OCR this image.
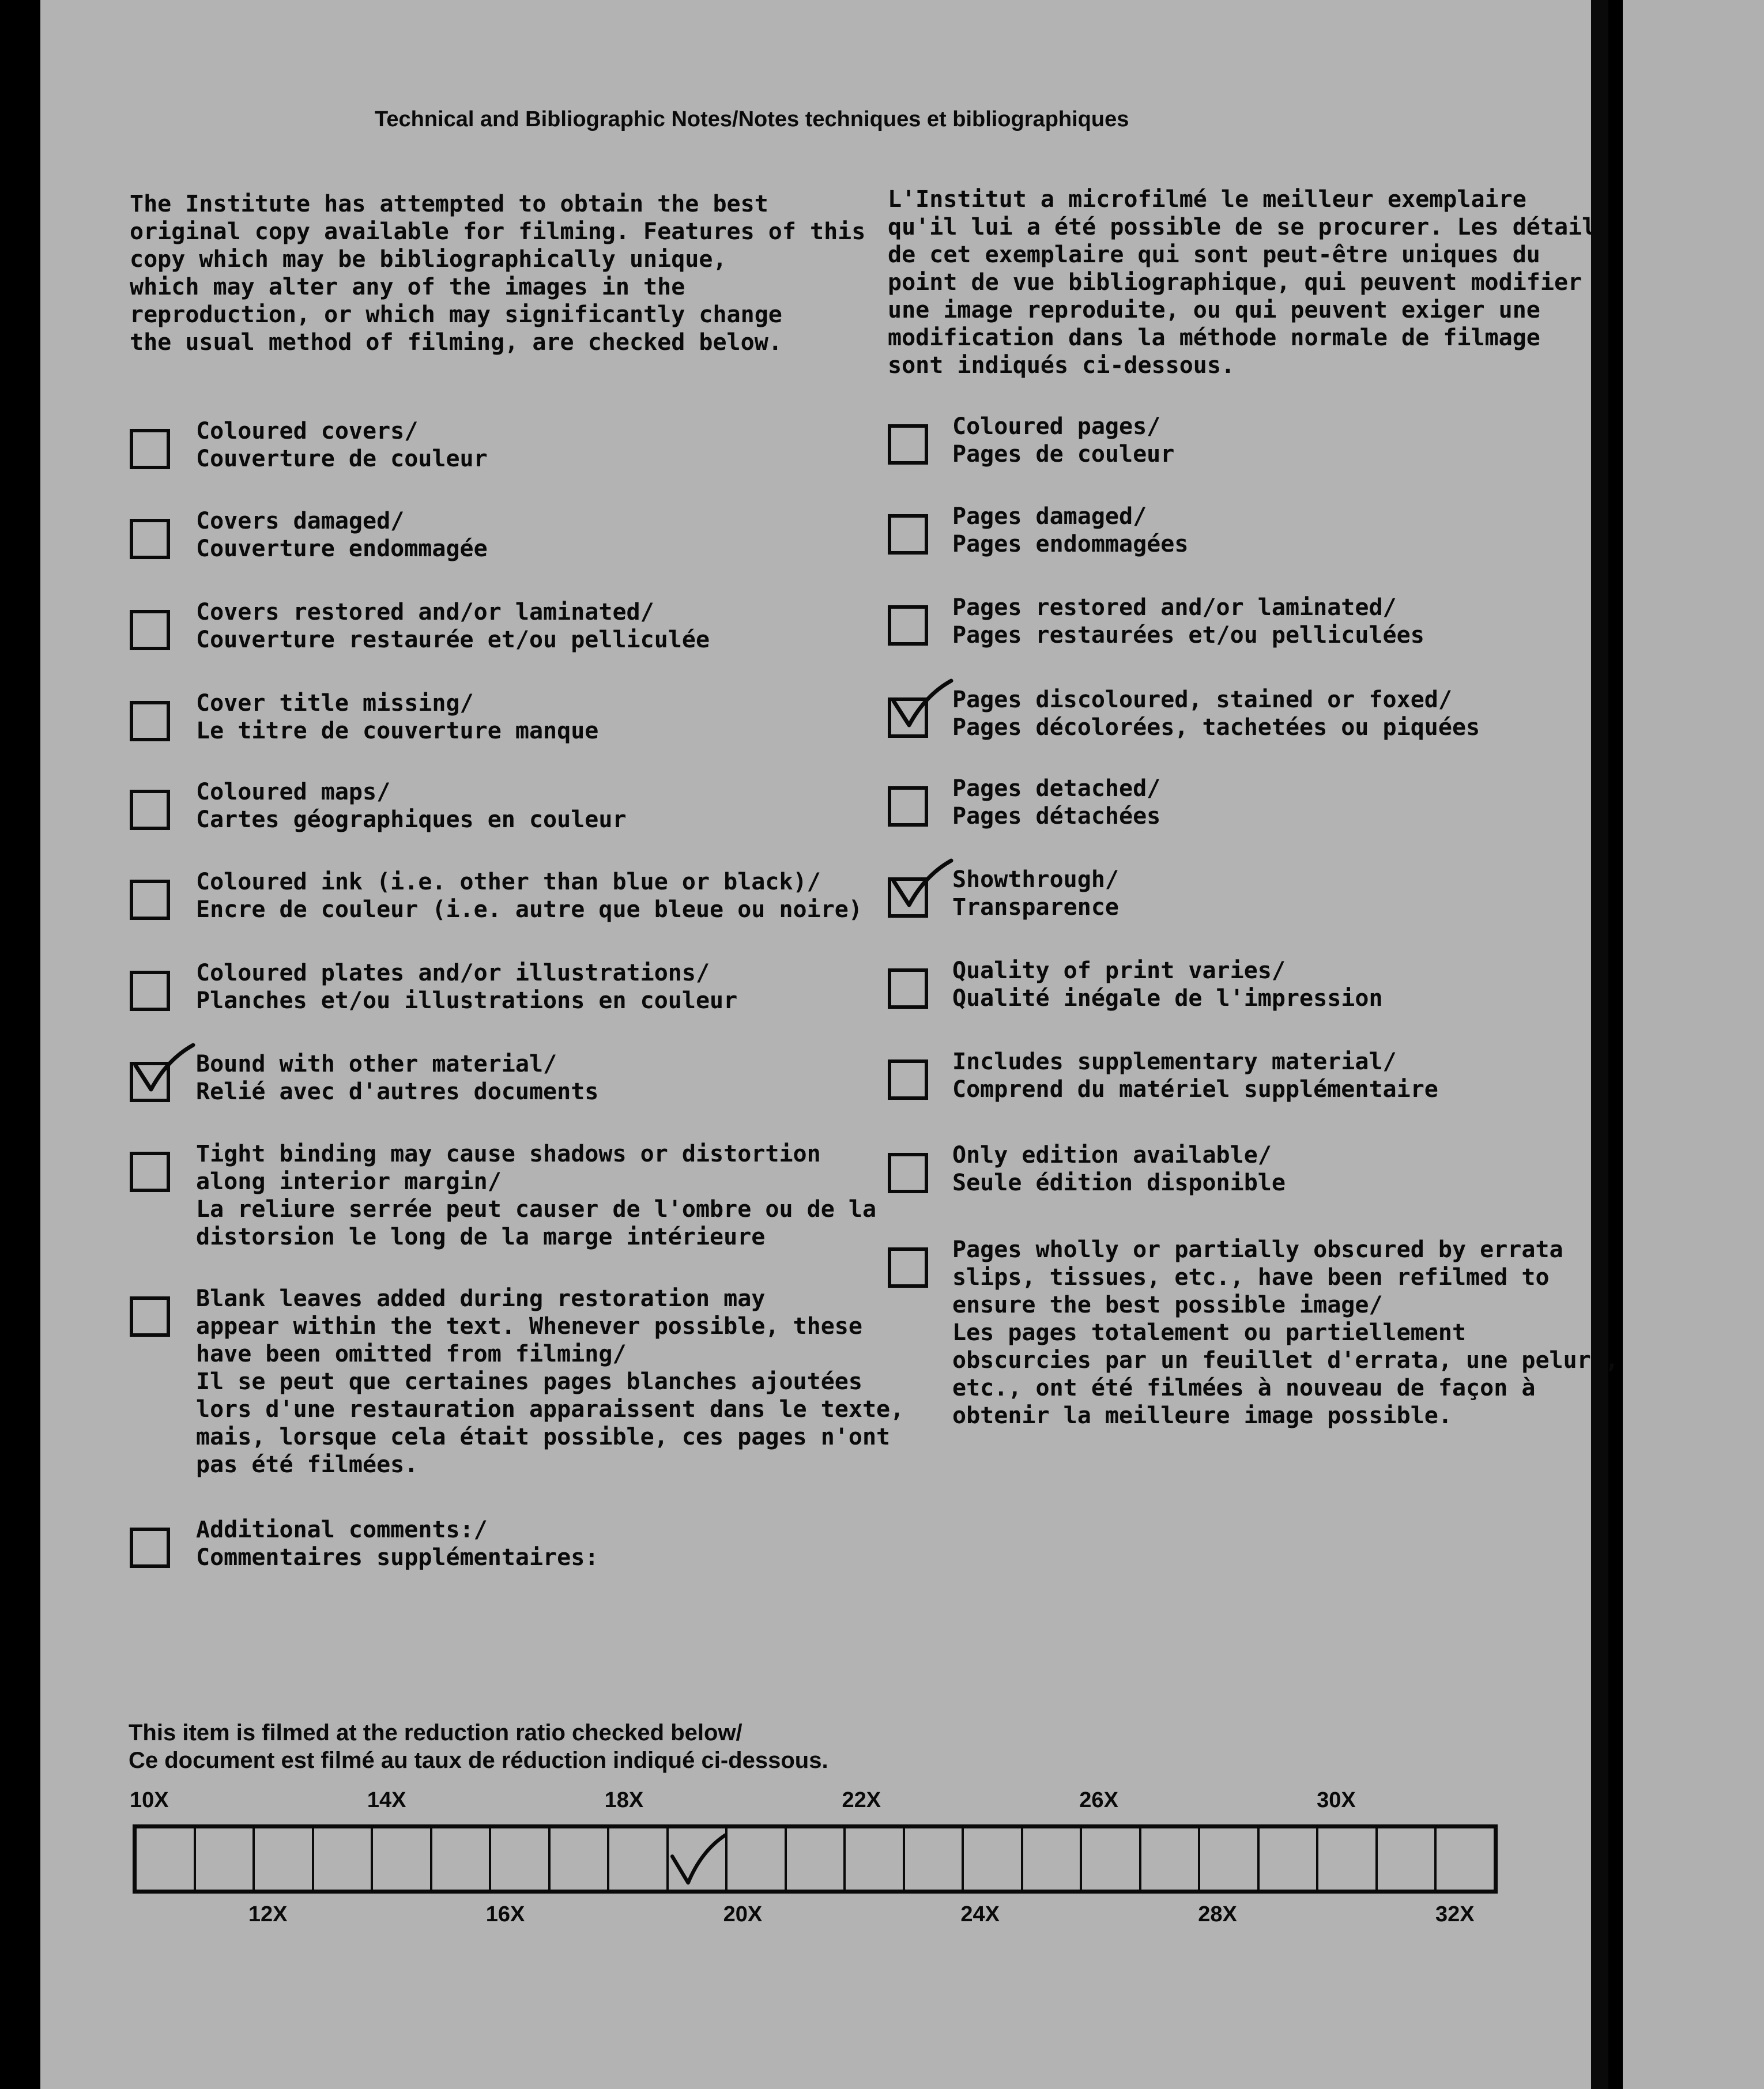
Technical and Bibliographic Notes/Notes techniques et bibliographiques
The Institute has attempted to obtain the best
original copy available for filming. Features of this
copy which may be bibliographically unique,
which may alter any of the images in the
reproduction, or which may significantly change
the usual method of filming, are checked below.
L'Institut a microfilmé le meilleur exemplaire
qu'il lui a été possible de se procurer. Les détails
de cet exemplaire qui sont peut-être uniques du
point de vue bibliographique, qui peuvent modifier
une image reproduite, ou qui peuvent exiger une
modification dans la méthode normale de filmage
sont indiqués ci-dessous.
Coloured covers/
Couverture de couleur
Covers damaged/
Couverture endommagée
Covers restored and/or laminated/
Couverture restaurée et/ou pelliculée
Cover title missing/
Le titre de couverture manque
Coloured maps/
Cartes géographiques en couleur
Coloured ink (i.e. other than blue or black)/
Encre de couleur (i.e. autre que bleue ou noire)
Coloured plates and/or illustrations/
Planches et/ou illustrations en couleur
Bound with other material/
Relié avec d'autres documents
Tight binding may cause shadows or distortion
along interior margin/
La reliure serrée peut causer de l'ombre ou de la
distorsion le long de la marge intérieure
Blank leaves added during restoration may
appear within the text. Whenever possible, these
have been omitted from filming/
Il se peut que certaines pages blanches ajoutées
lors d'une restauration apparaissent dans le texte,
mais, lorsque cela était possible, ces pages n'ont
pas été filmées.
Additional comments:/
Commentaires supplémentaires:
Coloured pages/
Pages de couleur
Pages damaged/
Pages endommagées
Pages restored and/or laminated/
Pages restaurées et/ou pelliculées
Pages discoloured, stained or foxed/
Pages décolorées, tachetées ou piquées
Pages detached/
Pages détachées
Showthrough/
Transparence
Quality of print varies/
Qualité inégale de l'impression
Includes supplementary material/
Comprend du matériel supplémentaire
Only edition available/
Seule édition disponible
Pages wholly or partially obscured by errata
slips, tissues, etc., have been refilmed to
ensure the best possible image/
Les pages totalement ou partiellement
obscurcies par un feuillet d'errata, une pelure,
etc., ont été filmées à nouveau de façon à
obtenir la meilleure image possible.
This item is filmed at the reduction ratio checked below/
Ce document est filmé au taux de réduction indiqué ci-dessous.
10X	14X	18X	22X	26X	30X
12X	16X	20X	24X	28X	32X
